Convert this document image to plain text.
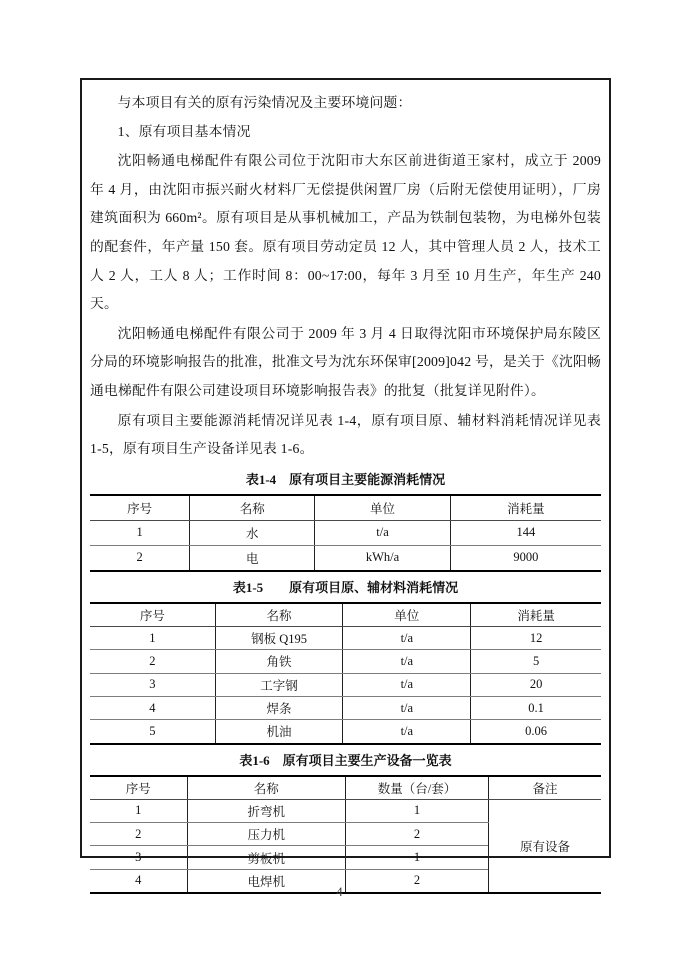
与本项目有关的原有污染情况及主要环境问题：

1、原有项目基本情况

沈阳畅通电梯配件有限公司位于沈阳市大东区前进街道王家村，成立于 2009 年 4 月，由沈阳市振兴耐火材料厂无偿提供闲置厂房（后附无偿使用证明），厂房建筑面积为 660m²。原有项目是从事机械加工，产品为铁制包装物，为电梯外包装的配套件，年产量 150 套。原有项目劳动定员 12 人，其中管理人员 2 人，技术工人 2 人，工人 8 人；工作时间 8：00~17:00，每年 3 月至 10 月生产，年生产 240 天。

沈阳畅通电梯配件有限公司于 2009 年 3 月 4 日取得沈阳市环境保护局东陵区分局的环境影响报告的批准，批准文号为沈东环保审[2009]042 号，是关于《沈阳畅通电梯配件有限公司建设项目环境影响报告表》的批复（批复详见附件）。

原有项目主要能源消耗情况详见表 1-4，原有项目原、辅材料消耗情况详见表 1-5，原有项目生产设备详见表 1-6。

表1-4　原有项目主要能源消耗情况
序号	名称	单位	消耗量
1	水	t/a	144
2	电	kWh/a	9000
表1-5　　原有项目原、辅材料消耗情况
序号	名称	单位	消耗量
1	钢板 Q195	t/a	12
2	角铁	t/a	5
3	工字钢	t/a	20
4	焊条	t/a	0.1
5	机油	t/a	0.06
表1-6　原有项目主要生产设备一览表
序号	名称	数量（台/套）	备注
1	折弯机	1	原有设备
2	压力机	2	
3	剪板机	1	
4	电焊机	2	
4
